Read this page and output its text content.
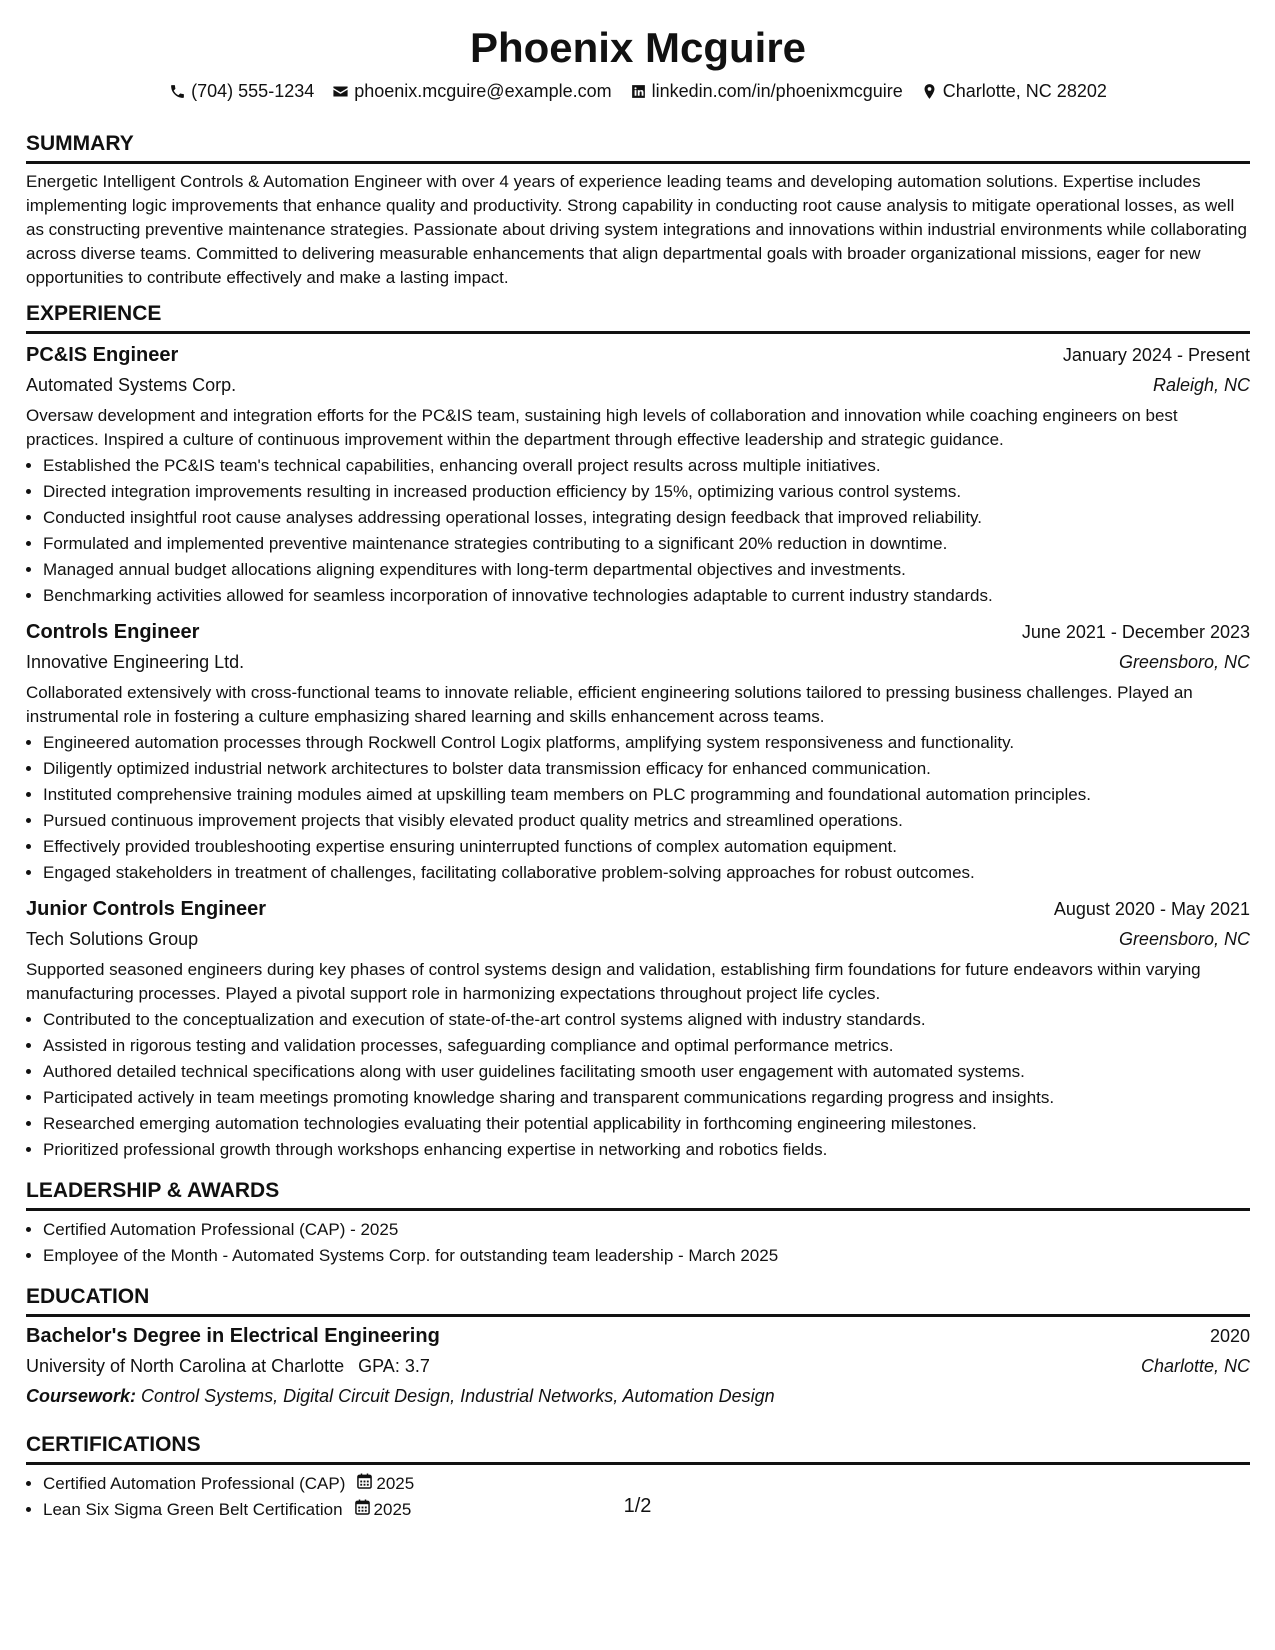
Phoenix Mcguire
(704) 555-1234 phoenix.mcguire@example.com linkedin.com/in/phoenixmcguire Charlotte, NC 28202
SUMMARY

Energetic Intelligent Controls & Automation Engineer with over 4 years of experience leading teams and developing automation solutions. Expertise includes implementing logic improvements that enhance quality and productivity. Strong capability in conducting root cause analysis to mitigate operational losses, as well as constructing preventive maintenance strategies. Passionate about driving system integrations and innovations within industrial environments while collaborating across diverse teams. Committed to delivering measurable enhancements that align departmental goals with broader organizational missions, eager for new opportunities to contribute effectively and make a lasting impact.

EXPERIENCE
PC&IS Engineer	January 2024 - Present
Automated Systems Corp.	Raleigh, NC
Oversaw development and integration efforts for the PC&IS team, sustaining high levels of collaboration and innovation while coaching engineers on best practices. Inspired a culture of continuous improvement within the department through effective leadership and strategic guidance.
• Established the PC&IS team's technical capabilities, enhancing overall project results across multiple initiatives.
• Directed integration improvements resulting in increased production efficiency by 15%, optimizing various control systems.
• Conducted insightful root cause analyses addressing operational losses, integrating design feedback that improved reliability.
• Formulated and implemented preventive maintenance strategies contributing to a significant 20% reduction in downtime.
• Managed annual budget allocations aligning expenditures with long-term departmental objectives and investments.
• Benchmarking activities allowed for seamless incorporation of innovative technologies adaptable to current industry standards.
Controls Engineer	June 2021 - December 2023
Innovative Engineering Ltd.	Greensboro, NC
Collaborated extensively with cross-functional teams to innovate reliable, efficient engineering solutions tailored to pressing business challenges. Played an instrumental role in fostering a culture emphasizing shared learning and skills enhancement across teams.
• Engineered automation processes through Rockwell Control Logix platforms, amplifying system responsiveness and functionality.
• Diligently optimized industrial network architectures to bolster data transmission efficacy for enhanced communication.
• Instituted comprehensive training modules aimed at upskilling team members on PLC programming and foundational automation principles.
• Pursued continuous improvement projects that visibly elevated product quality metrics and streamlined operations.
• Effectively provided troubleshooting expertise ensuring uninterrupted functions of complex automation equipment.
• Engaged stakeholders in treatment of challenges, facilitating collaborative problem-solving approaches for robust outcomes.
Junior Controls Engineer	August 2020 - May 2021
Tech Solutions Group	Greensboro, NC
Supported seasoned engineers during key phases of control systems design and validation, establishing firm foundations for future endeavors within varying manufacturing processes. Played a pivotal support role in harmonizing expectations throughout project life cycles.
• Contributed to the conceptualization and execution of state-of-the-art control systems aligned with industry standards.
• Assisted in rigorous testing and validation processes, safeguarding compliance and optimal performance metrics.
• Authored detailed technical specifications along with user guidelines facilitating smooth user engagement with automated systems.
• Participated actively in team meetings promoting knowledge sharing and transparent communications regarding progress and insights.
• Researched emerging automation technologies evaluating their potential applicability in forthcoming engineering milestones.
• Prioritized professional growth through workshops enhancing expertise in networking and robotics fields.
LEADERSHIP & AWARDS
• Certified Automation Professional (CAP) - 2025
• Employee of the Month - Automated Systems Corp. for outstanding team leadership - March 2025
EDUCATION
Bachelor's Degree in Electrical Engineering	2020
University of North Carolina at Charlotte GPA: 3.7	Charlotte, NC
Coursework: Control Systems, Digital Circuit Design, Industrial Networks, Automation Design
CERTIFICATIONS
• Certified Automation Professional (CAP) 2025
• Lean Six Sigma Green Belt Certification 2025	1/2
